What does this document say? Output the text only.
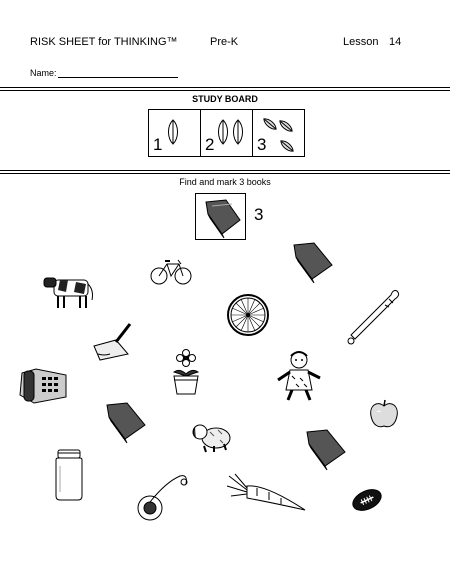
RISK SHEET for THINKING™	Pre-K	Lesson 14
Name:
STUDY BOARD
1	2	3
Find and mark 3 books
3
